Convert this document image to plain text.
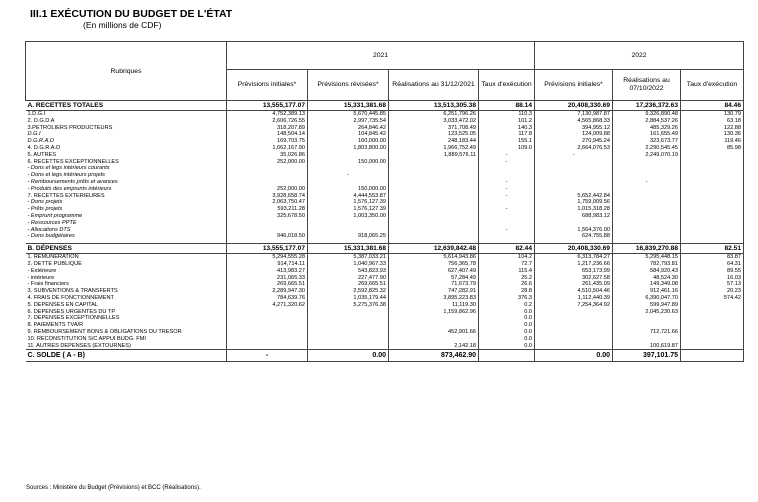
III.1 EXÉCUTION DU BUDGET DE L'ÉTAT
(En millions de CDF)
Rubriques	2021				2022		
	Prévisions initiales*	Prévisions révisées*	Réalisations au 31/12/2021	Taux d'exécution	Prévisions initiales*	Réalisations au 07/10/2022	Taux d'exécution
A. RECETTES TOTALES	13,555,177.07	15,331,381.68	13,513,305.38	88.14	20,408,330.69	17,236,372.63	84.46
1.D.G.I	4,752,389.13	5,670,445.85	6,251,796.26	110.3	7,130,987.87	9,326,890.48	130.79
2. D.G.D.A	2,606,726.55	2,997,735.54	3,033,472.02	101.2	4,565,868.33	2,884,537.26	63.18
3.PETROLIERS PRODUCTEURS	318,207.89	264,846.42	371,708.49	140.3	394,955.12	485,329.26	122.88
D.G.I	148,504.14	104,845.42	123,525.05	117.8	124,009.88	161,655.49	130.36
D.G.R.A.D	169,703.75	160,000.00	248,183.44	155.1	270,945.24	323,673.77	119.46
4. D.G.R.A.D	1,662,167.90	1,803,800.00	1,966,752.49	109.0	2,664,076.53	2,290,545.45	85.98
5. AUTRES	35,026.86		1,889,576.11	-	-	2,249,070.19	
6. RECETTES EXCEPTIONNELLES	252,000.00	150,000.00		-			
- Dons et legs intérieurs courants							
- Dons et legs intérieurs projets		-					
- Remboursements prêts et avances				-		-	
- Produits des emprunts intérieurs	252,000.00	150,000.00		-			
7. RECETTES EXTÉRIEURES	3,928,658.74	4,444,553.87		-	5,652,442.84		
- Dons projets	2,063,750.47	1,576,127.39			1,759,009.56		
- Prêts projets	593,211.28	1,576,127.39		-	1,015,318.28		
- Emprunt programme	325,678.50	1,003,350.00			688,983.12		
- Ressources PPTE							
- Allocations DTS				-	1,564,376.00		
- Dons budgétaires	946,018.50	918,065.25			624,755.88		

B. DÉPENSES	13,555,177.07	15,331,381.68	12,639,842.48	82.44	20,408,330.69	16,839,270.88	82.51
1. RÉMUNÉRATION	5,294,555.28	5,387,033.21	5,614,943.86	104.2	6,313,784.27	5,295,448.15	83.87
2. DETTE PUBLIQUE	914,714.11	1,040,967.33	756,365.78	72.7	1,217,236.66	782,793.81	64.31
- Extérieure	413,983.27	543,823.93	627,407.49	115.4	653,173.99	584,920.43	89.55
- intérieure	231,065.33	227,477.90	57,284.49	25.2	302,627.58	48,524.30	16.03
- Frais financiers	269,665.51	269,665.51	71,673.79	26.6	261,435.09	149,349.08	57.13
3. SUBVENTIONS & TRANSFERTS	2,289,947.30	2,592,825.32	747,282.91	28.8	4,510,504.46	912,461.16	20.23
4. FRAIS DE FONCTIONNEMENT	784,639.76	1,035,179.44	3,895,223.83	376.3	1,112,440.39	6,390,047.70	574.42
5. DÉPENSES EN CAPITAL	4,271,320.62	5,275,376.38	11,119.30	0.2	7,254,364.92	599,947.89	
6. DÉPENSES URGENTES DU TP			1,159,862.96	0.0		2,045,230.63	
7. DÉPENSES EXCEPTIONNELLES				0.0			
8. PAIEMENTS TVA/R				0.0			
9. REMBOURSEMENT BONS & OBLIGATIONS DU TRESOR			452,901.66	0.0		712,721.66	
10. RECONSTITUTION S/C APPUI BUDG. FMI				0.0			
11. AUTRES DEPENSES (EXTOURNES)			2,142.18	0.0		100,619.87	
C. SOLDE ( A - B)	-	0.00	873,462.90		0.00	397,101.75	
Sources : Ministère du Budget (Prévisions) et BCC (Réalisations).
